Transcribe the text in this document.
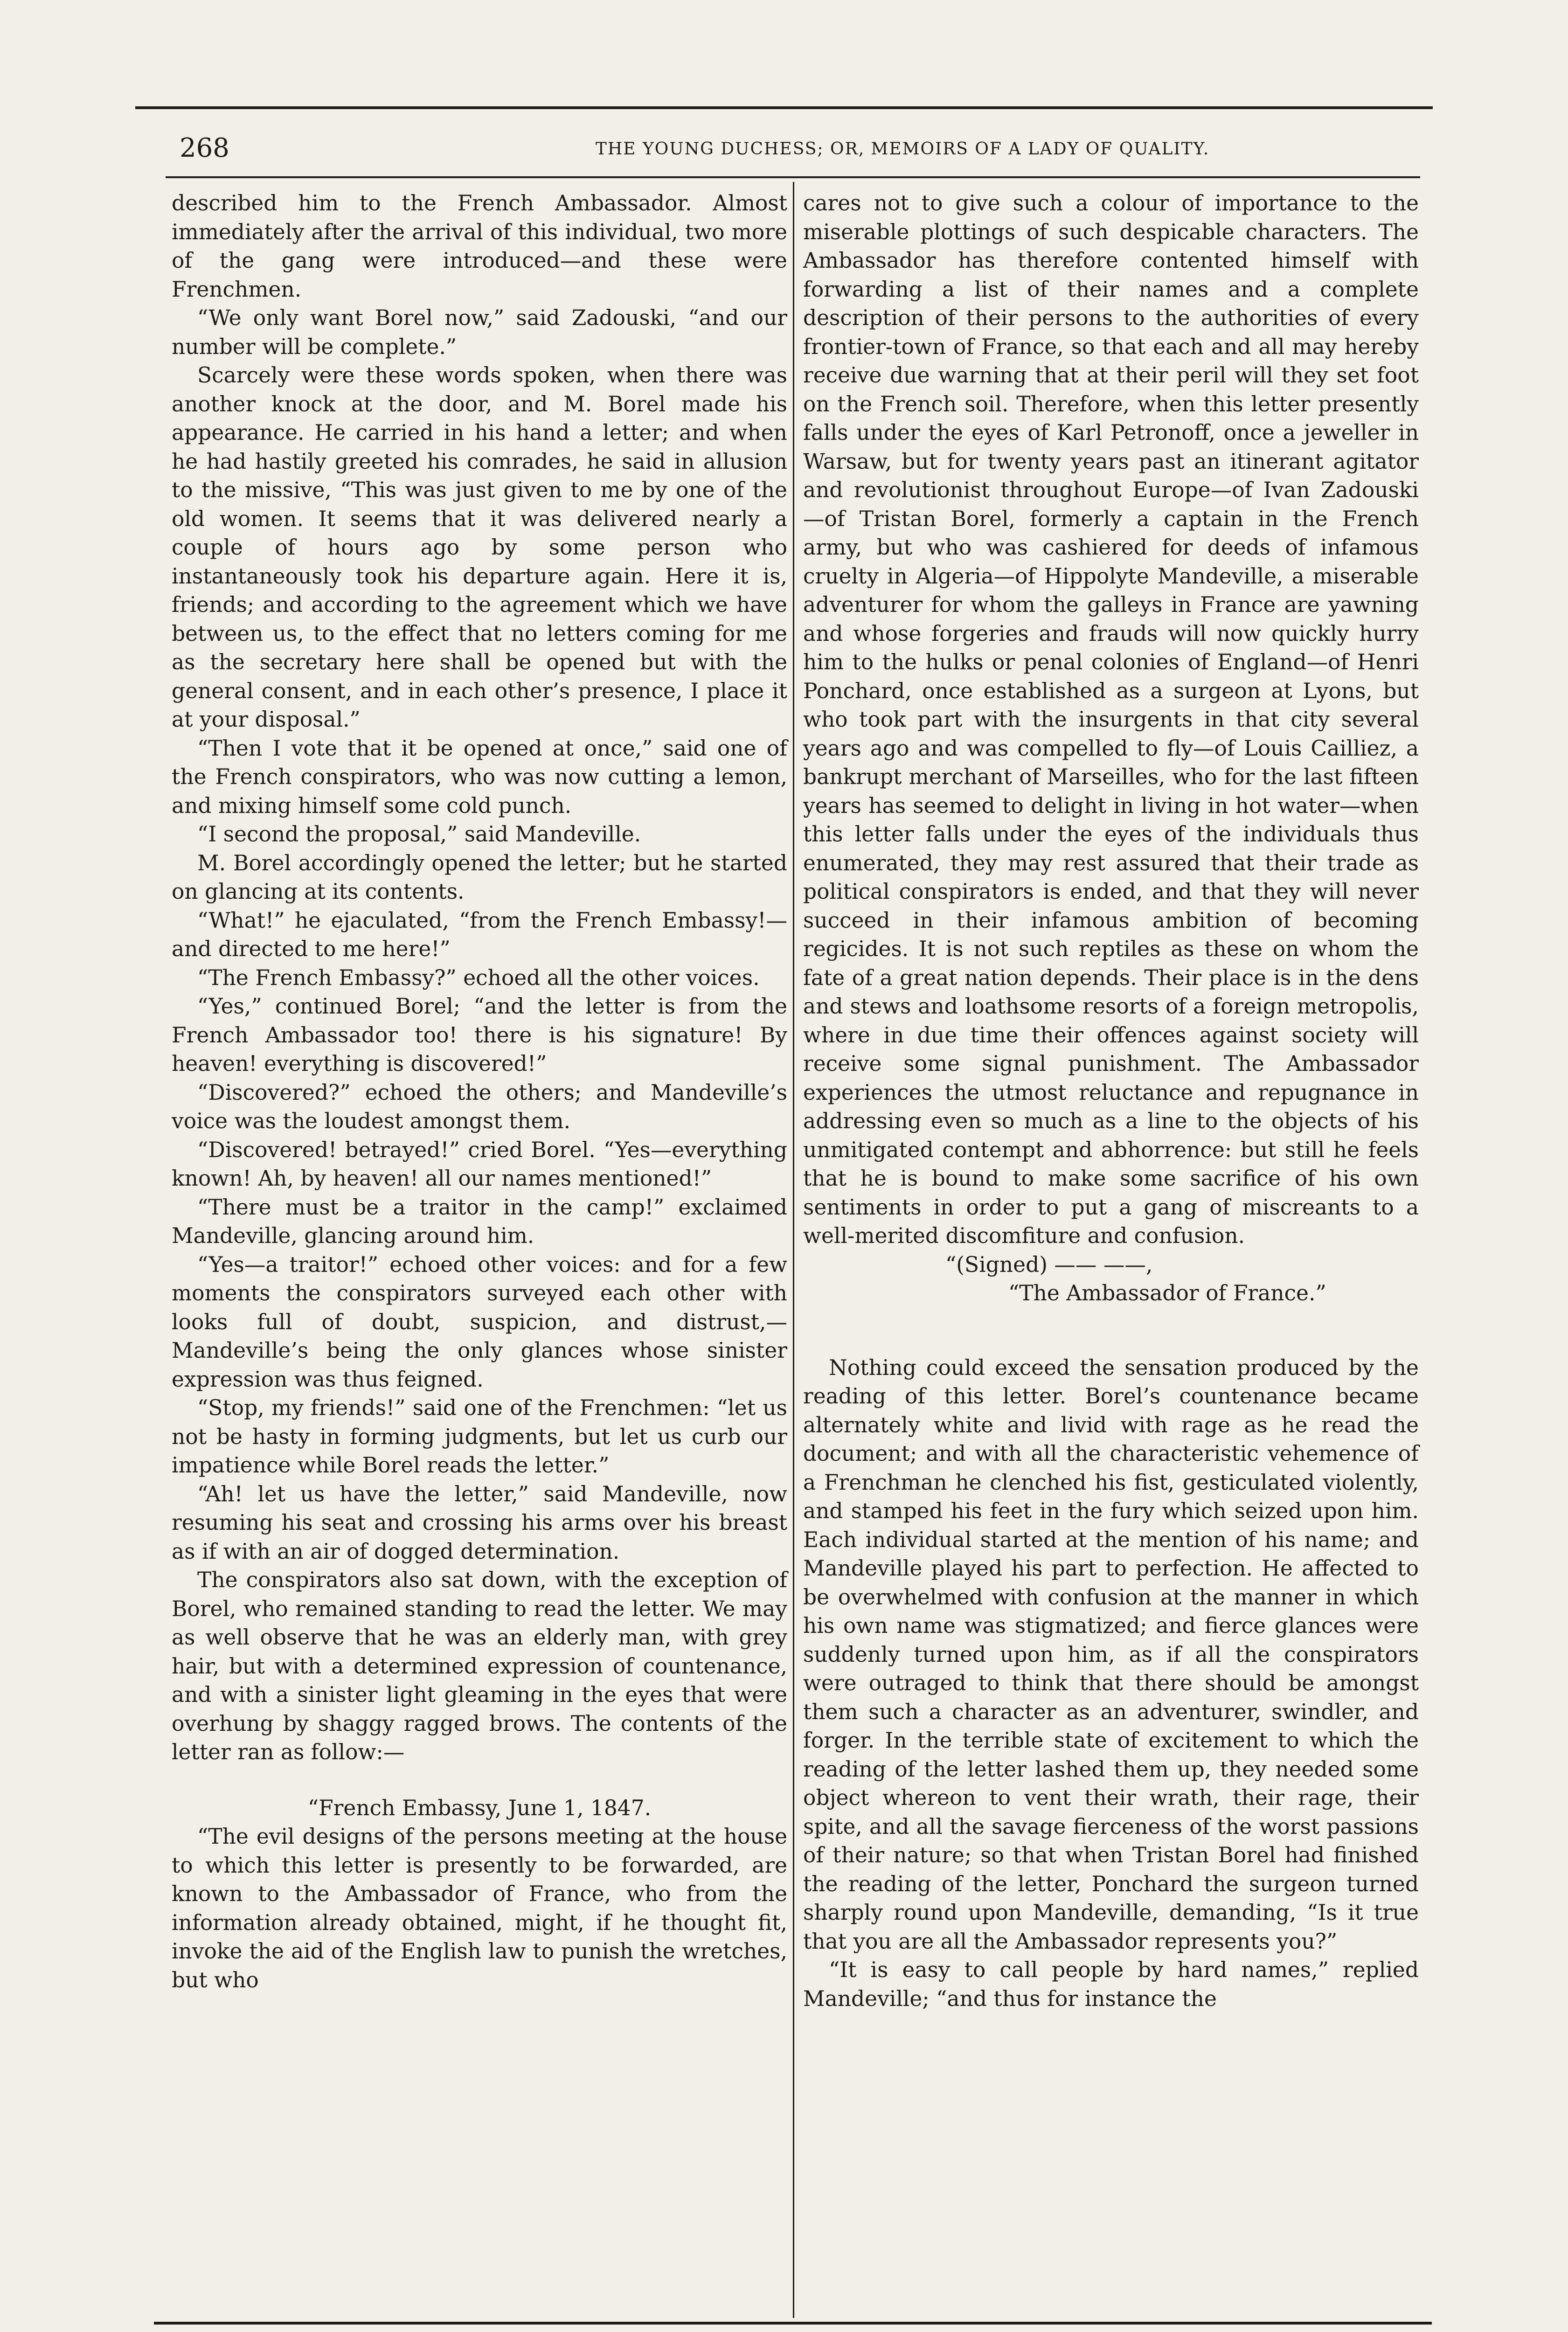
268	THE YOUNG DUCHESS; OR, MEMOIRS OF A LADY OF QUALITY.

described him to the French Ambassador. Almost immediately after the arrival of this individual, two more of the gang were introduced—and these were Frenchmen.

“We only want Borel now,” said Zadouski, “and our number will be complete.”

Scarcely were these words spoken, when there was another knock at the door, and M. Borel made his appearance. He carried in his hand a letter; and when he had hastily greeted his comrades, he said in allusion to the missive, “This was just given to me by one of the old women. It seems that it was delivered nearly a couple of hours ago by some person who instantaneously took his departure again. Here it is, friends; and according to the agreement which we have between us, to the effect that no letters coming for me as the secretary here shall be opened but with the general consent, and in each other’s presence, I place it at your disposal.”

“Then I vote that it be opened at once,” said one of the French conspirators, who was now cutting a lemon, and mixing himself some cold punch.

“I second the proposal,” said Mandeville.

M. Borel accordingly opened the letter; but he started on glancing at its contents.

“What!” he ejaculated, “from the French Embassy!—and directed to me here!”

“The French Embassy?” echoed all the other voices.

“Yes,” continued Borel; “and the letter is from the French Ambassador too! there is his signature! By heaven! everything is discovered!”

“Discovered?” echoed the others; and Mandeville’s voice was the loudest amongst them.

“Discovered! betrayed!” cried Borel. “Yes—everything known! Ah, by heaven! all our names mentioned!”

“There must be a traitor in the camp!” exclaimed Mandeville, glancing around him.

“Yes—a traitor!” echoed other voices: and for a few moments the conspirators surveyed each other with looks full of doubt, suspicion, and distrust,—Mandeville’s being the only glances whose sinister expression was thus feigned.

“Stop, my friends!” said one of the Frenchmen: “let us not be hasty in forming judgments, but let us curb our impatience while Borel reads the letter.”

“Ah! let us have the letter,” said Mandeville, now resuming his seat and crossing his arms over his breast as if with an air of dogged determination.

The conspirators also sat down, with the exception of Borel, who remained standing to read the letter. We may as well observe that he was an elderly man, with grey hair, but with a determined expression of countenance, and with a sinister light gleaming in the eyes that were overhung by shaggy ragged brows. The contents of the letter ran as follow:—

“French Embassy, June 1, 1847.

“The evil designs of the persons meeting at the house to which this letter is presently to be forwarded, are known to the Ambassador of France, who from the information already obtained, might, if he thought fit, invoke the aid of the English law to punish the wretches, but who

cares not to give such a colour of importance to the miserable plottings of such despicable characters. The Ambassador has therefore contented himself with forwarding a list of their names and a complete description of their persons to the authorities of every frontier-town of France, so that each and all may hereby receive due warning that at their peril will they set foot on the French soil. Therefore, when this letter presently falls under the eyes of Karl Petronoff, once a jeweller in Warsaw, but for twenty years past an itinerant agitator and revolutionist throughout Europe—of Ivan Zadouski—of Tristan Borel, formerly a captain in the French army, but who was cashiered for deeds of infamous cruelty in Algeria—of Hippolyte Mandeville, a miserable adventurer for whom the galleys in France are yawning and whose forgeries and frauds will now quickly hurry him to the hulks or penal colonies of England—of Henri Ponchard, once established as a surgeon at Lyons, but who took part with the insurgents in that city several years ago and was compelled to fly—of Louis Cailliez, a bankrupt merchant of Marseilles, who for the last fifteen years has seemed to delight in living in hot water—when this letter falls under the eyes of the individuals thus enumerated, they may rest assured that their trade as political conspirators is ended, and that they will never succeed in their infamous ambition of becoming regicides. It is not such reptiles as these on whom the fate of a great nation depends. Their place is in the dens and stews and loathsome resorts of a foreign metropolis, where in due time their offences against society will receive some signal punishment. The Ambassador experiences the utmost reluctance and repugnance in addressing even so much as a line to the objects of his unmitigated contempt and abhorrence: but still he feels that he is bound to make some sacrifice of his own sentiments in order to put a gang of miscreants to a well-merited discomfiture and confusion.

“(Signed) —— ——,

“The Ambassador of France.”

Nothing could exceed the sensation produced by the reading of this letter. Borel’s countenance became alternately white and livid with rage as he read the document; and with all the characteristic vehemence of a Frenchman he clenched his fist, gesticulated violently, and stamped his feet in the fury which seized upon him. Each individual started at the mention of his name; and Mandeville played his part to perfection. He affected to be overwhelmed with confusion at the manner in which his own name was stigmatized; and fierce glances were suddenly turned upon him, as if all the conspirators were outraged to think that there should be amongst them such a character as an adventurer, swindler, and forger. In the terrible state of excitement to which the reading of the letter lashed them up, they needed some object whereon to vent their wrath, their rage, their spite, and all the savage fierceness of the worst passions of their nature; so that when Tristan Borel had finished the reading of the letter, Ponchard the surgeon turned sharply round upon Mandeville, demanding, “Is it true that you are all the Ambassador represents you?”

“It is easy to call people by hard names,” replied Mandeville; “and thus for instance the
